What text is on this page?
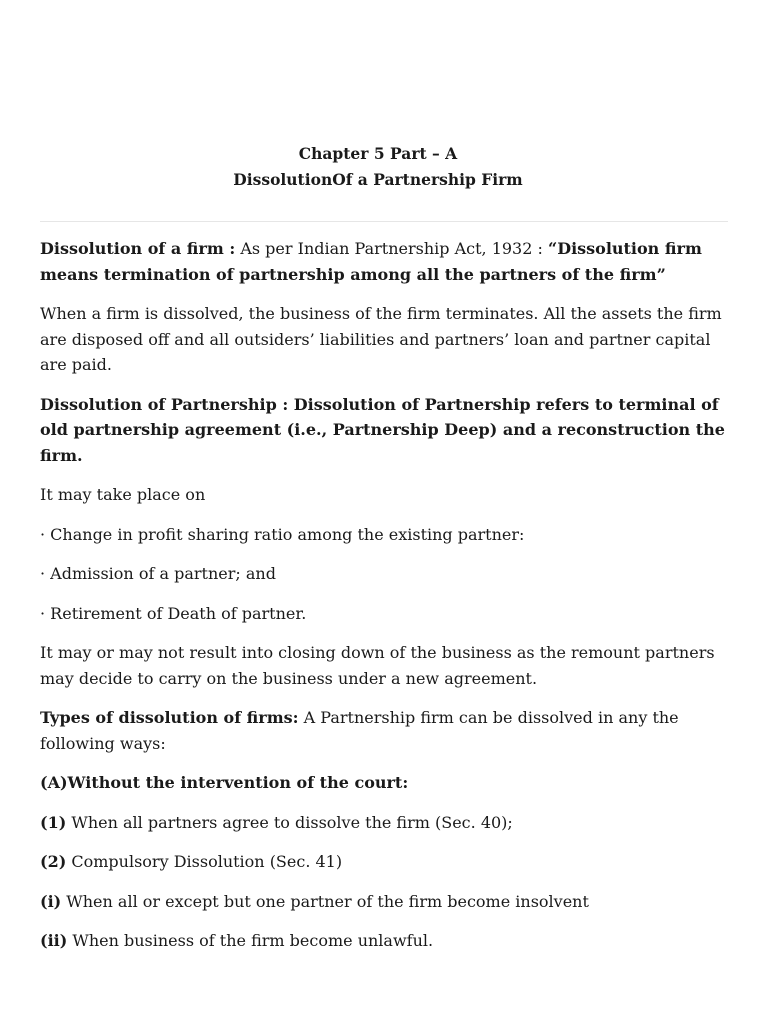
Chapter 5 Part – A
DissolutionOf a Partnership Firm

Dissolution of a firm : As per Indian Partnership Act, 1932 : “Dissolution firm means termination of partnership among all the partners of the firm”

When a firm is dissolved, the business of the firm terminates. All the assets the firm are disposed off and all outsiders’ liabilities and partners’ loan and partner capital are paid.

Dissolution of Partnership : Dissolution of Partnership refers to terminal of old partnership agreement (i.e., Partnership Deep) and a reconstruction the firm.

It may take place on

· Change in profit sharing ratio among the existing partner:

· Admission of a partner; and

· Retirement of Death of partner.

It may or may not result into closing down of the business as the remount partners may decide to carry on the business under a new agreement.

Types of dissolution of firms: A Partnership firm can be dissolved in any the following ways:

(A)Without the intervention of the court:

(1) When all partners agree to dissolve the firm (Sec. 40);

(2) Compulsory Dissolution (Sec. 41)

(i) When all or except but one partner of the firm become insolvent

(ii) When business of the firm become unlawful.
